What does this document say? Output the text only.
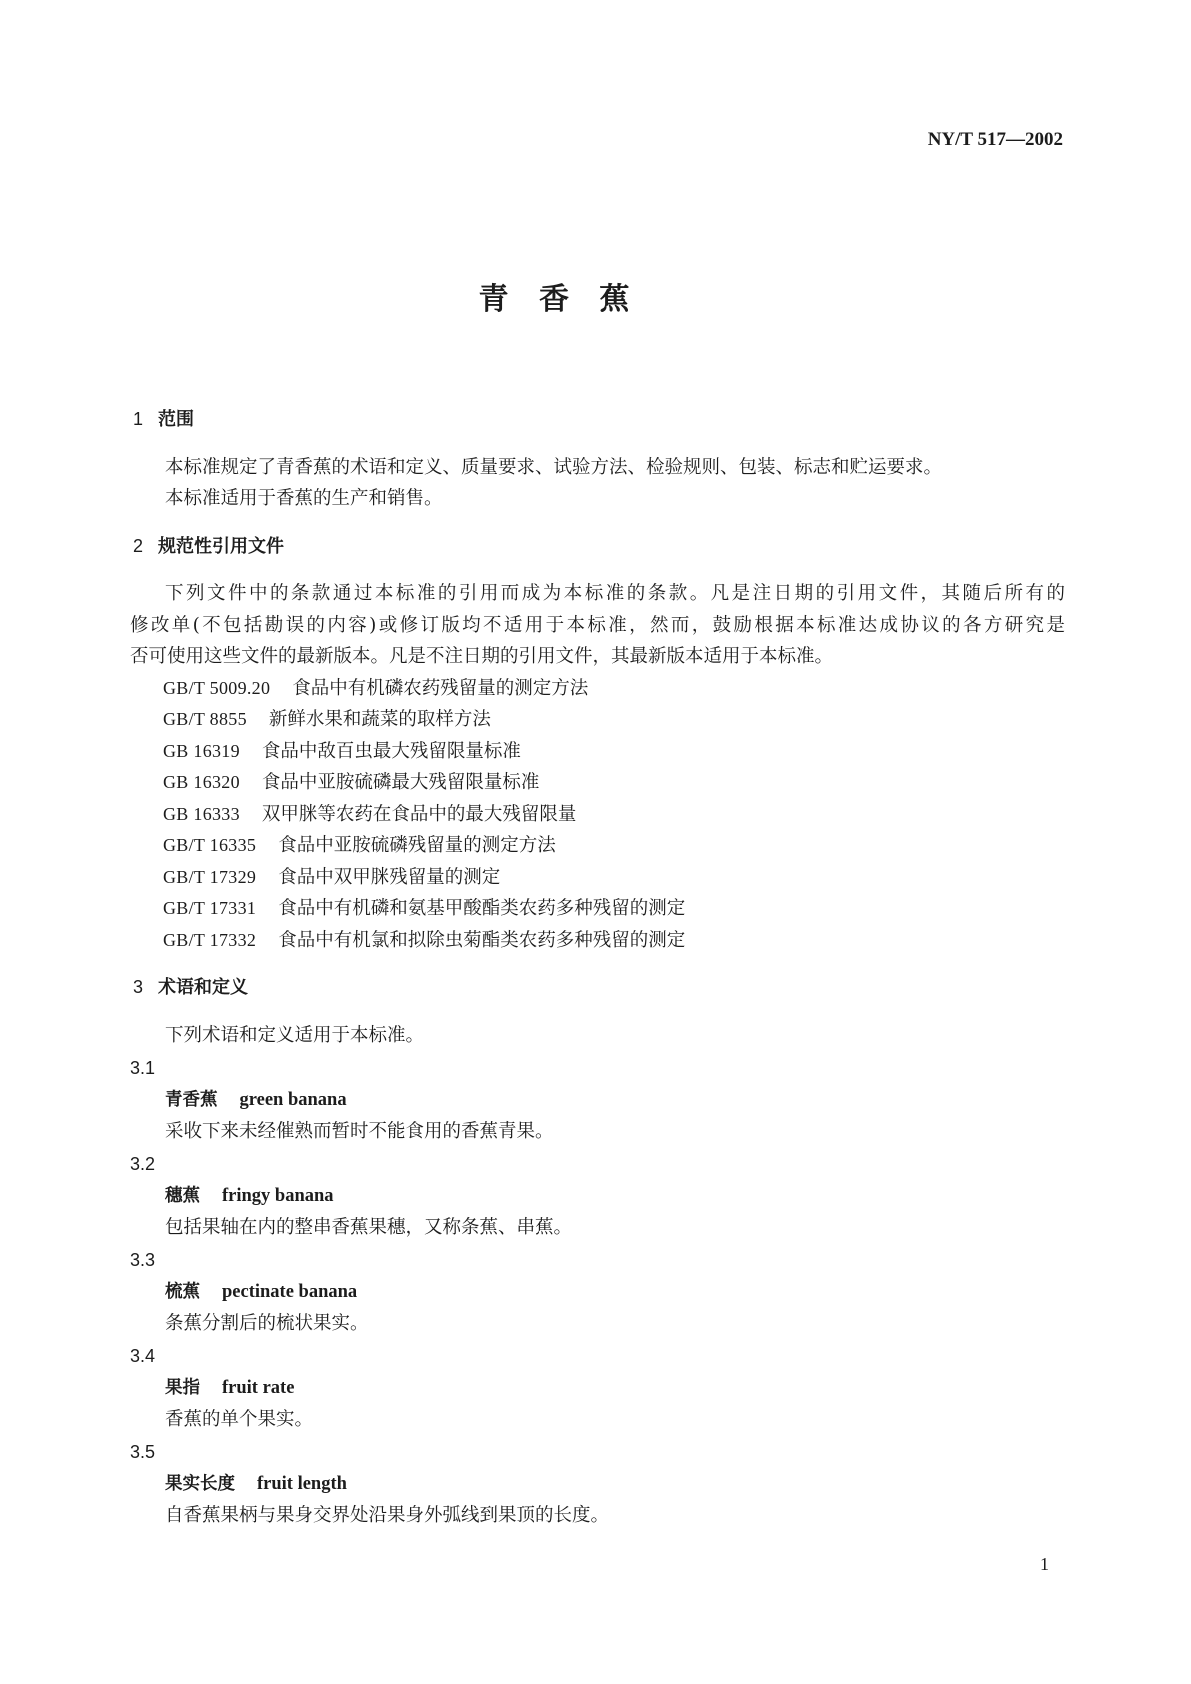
NY/T 517—2002
青 香 蕉
1 范围
本标准规定了青香蕉的术语和定义、质量要求、试验方法、检验规则、包装、标志和贮运要求。
本标准适用于香蕉的生产和销售。
2 规范性引用文件
下列文件中的条款通过本标准的引用而成为本标准的条款。凡是注日期的引用文件，其随后所有的
修改单(不包括勘误的内容)或修订版均不适用于本标准，然而，鼓励根据本标准达成协议的各方研究是
否可使用这些文件的最新版本。凡是不注日期的引用文件，其最新版本适用于本标准。
GB/T 5009.20 食品中有机磷农药残留量的测定方法
GB/T 8855 新鲜水果和蔬菜的取样方法
GB 16319 食品中敌百虫最大残留限量标准
GB 16320 食品中亚胺硫磷最大残留限量标准
GB 16333 双甲脒等农药在食品中的最大残留限量
GB/T 16335 食品中亚胺硫磷残留量的测定方法
GB/T 17329 食品中双甲脒残留量的测定
GB/T 17331 食品中有机磷和氨基甲酸酯类农药多种残留的测定
GB/T 17332 食品中有机氯和拟除虫菊酯类农药多种残留的测定
3 术语和定义
下列术语和定义适用于本标准。
3.1
青香蕉 green banana
采收下来未经催熟而暂时不能食用的香蕉青果。
3.2
穗蕉 fringy banana
包括果轴在内的整串香蕉果穗，又称条蕉、串蕉。
3.3
梳蕉 pectinate banana
条蕉分割后的梳状果实。
3.4
果指 fruit rate
香蕉的单个果实。
3.5
果实长度 fruit length
自香蕉果柄与果身交界处沿果身外弧线到果顶的长度。
1
